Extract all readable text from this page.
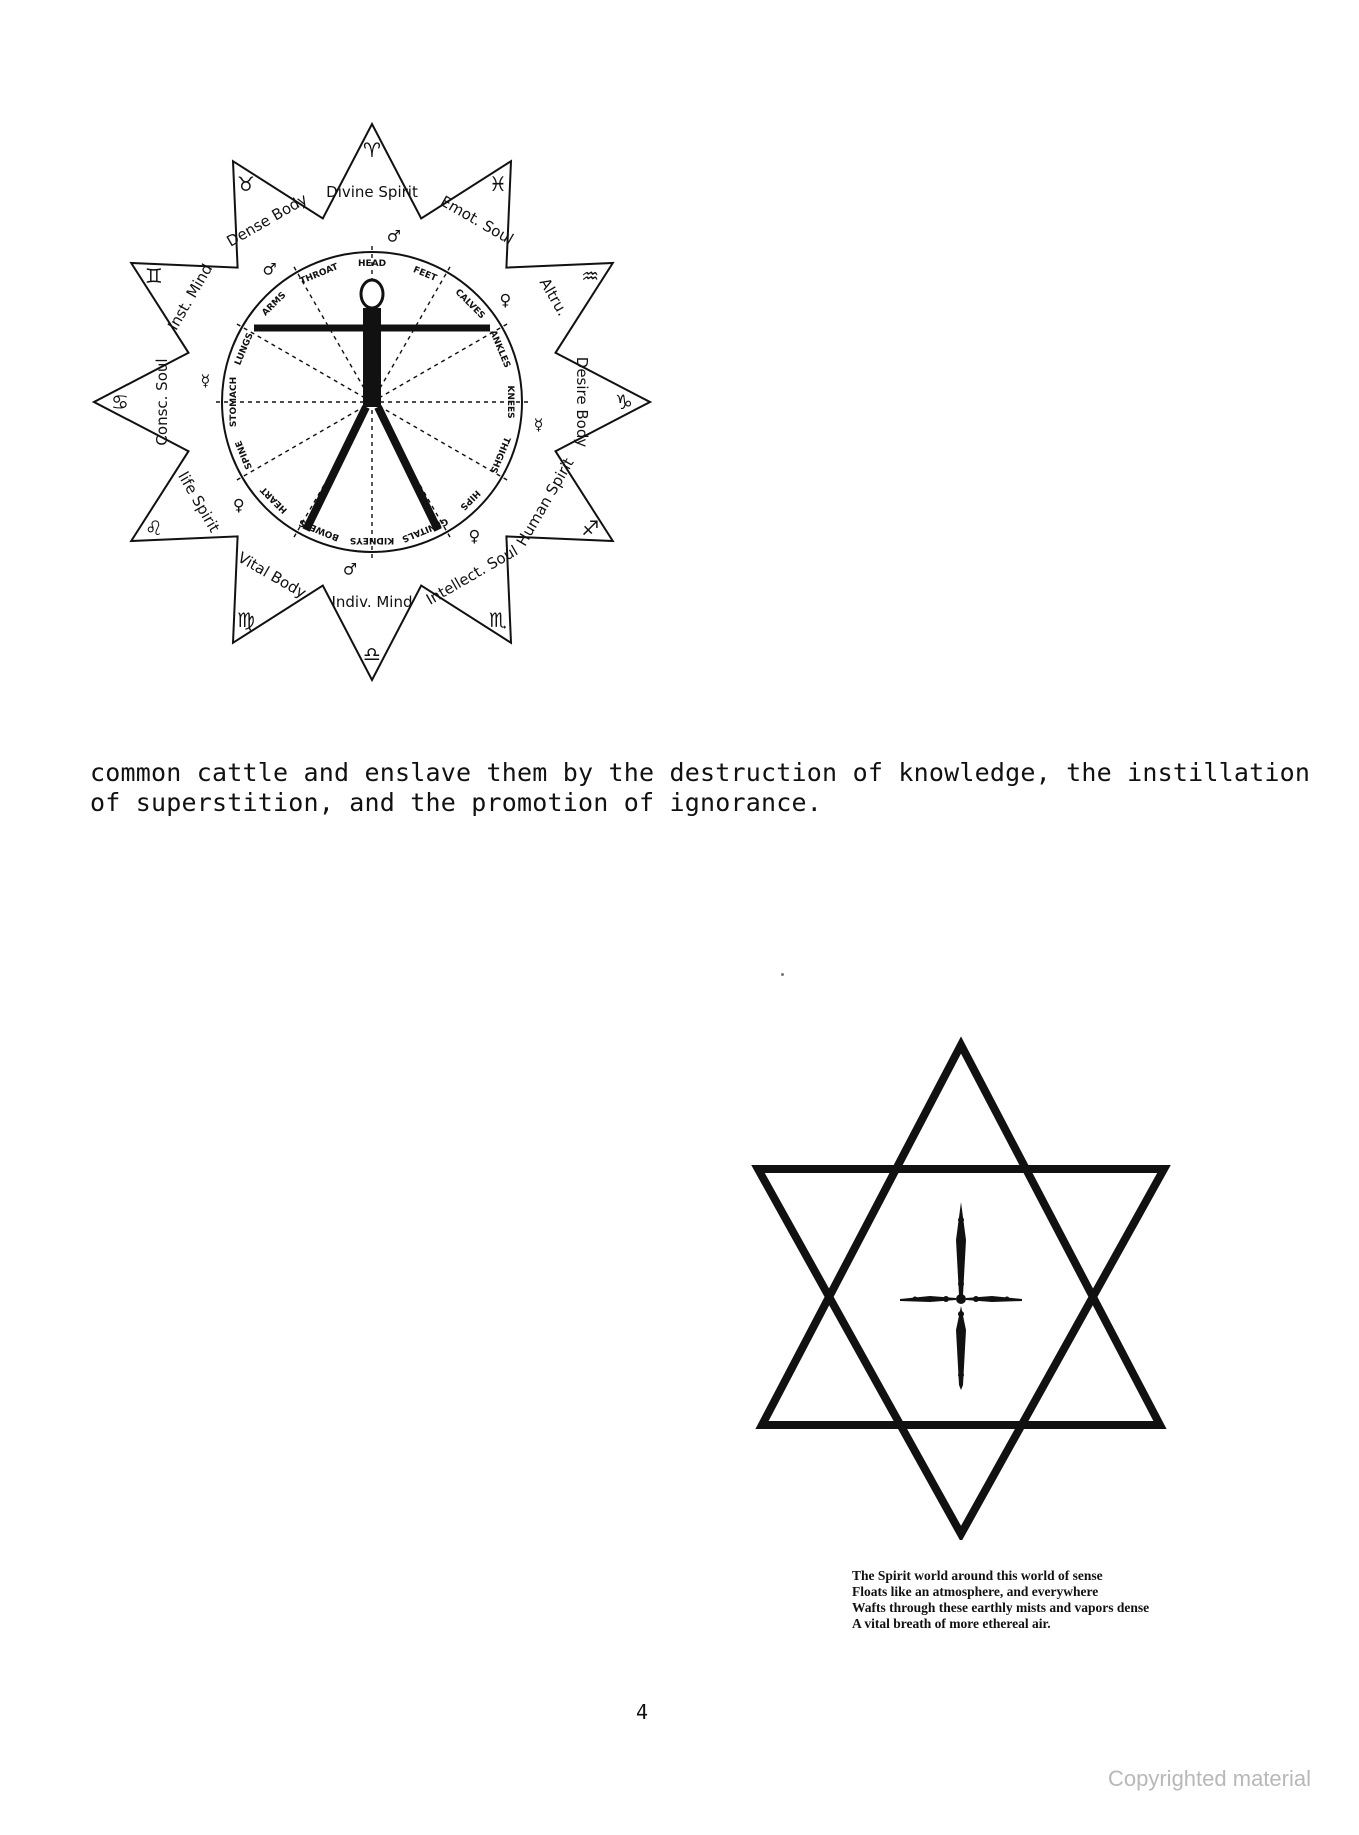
Divine Spirit
Emot. Soul
Altru.
Desire Body
Human Spirit
Intellect. Soul
Indiv. Mind
Vital Body
life Spirit
Consc. Soul
Inst. Mind
Dense Body
♈
♓
♒
♑
♐
♏
♎
♍
♌
♋
♊
♉
♂
♀
☿
♀
♂
♀
☿
♂	HEAD
FEET
CALVES
ANKLES
KNEES
THIGHS
HIPS
GENITALS
KIDNEYS
BOWELS
HEART
SPINE
STOMACH
LUNGS
ARMS
THROAT

common cattle and enslave them by the destruction of knowledge, the instillation
of superstition, and the promotion of ignorance.

The Spirit world around this world of sense
Floats like an atmosphere, and everywhere
Wafts through these earthly mists and vapors dense
A vital breath of more ethereal air.

4
Copyrighted material
